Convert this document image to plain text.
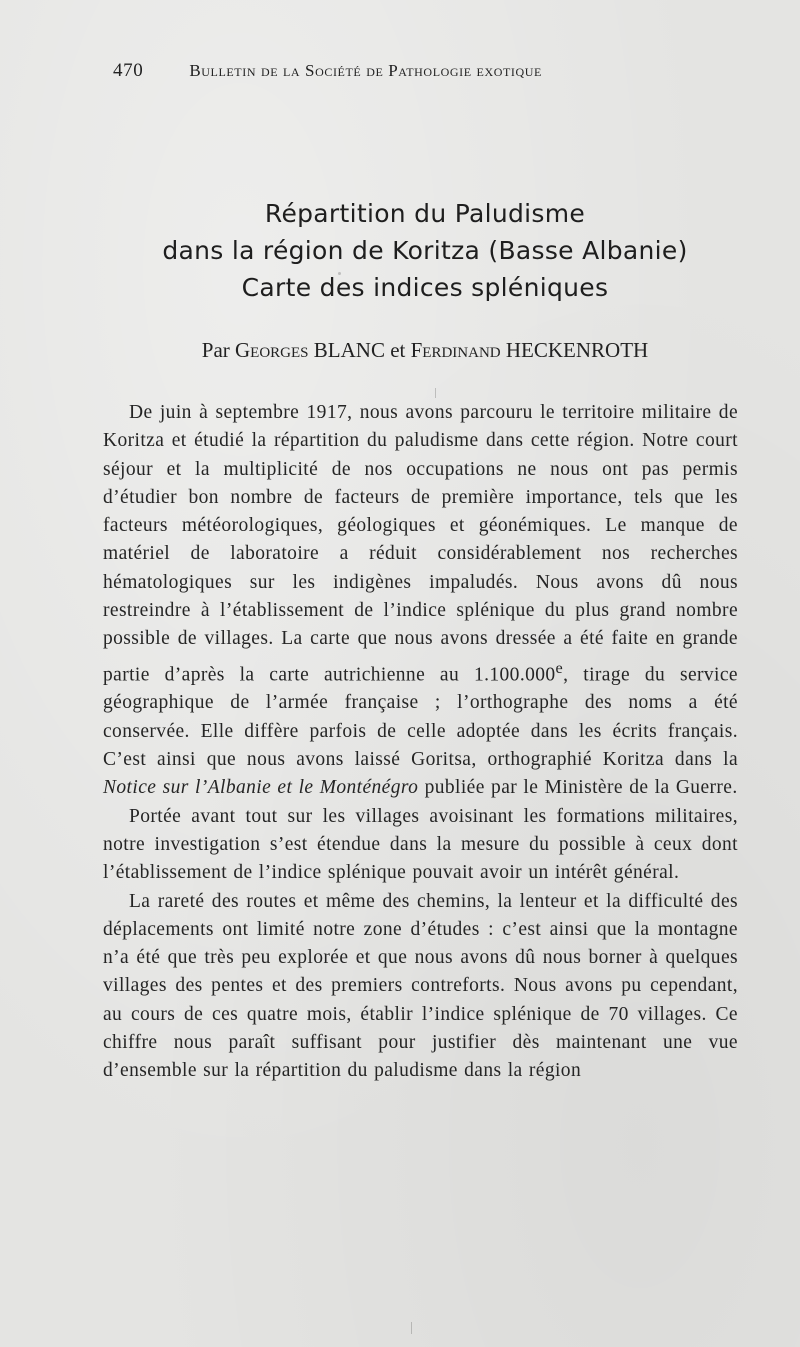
470	Bulletin de la Société de Pathologie exotique
Répartition du Paludisme
dans la région de Koritza (Basse Albanie)
Carte des indices spléniques
Par Georges BLANC et Ferdinand HECKENROTH

De juin à septembre 1917, nous avons parcouru le territoire militaire de Koritza et étudié la répartition du paludisme dans cette région. Notre court séjour et la multiplicité de nos occupations ne nous ont pas permis d’étudier bon nombre de facteurs de première importance, tels que les facteurs météorologiques, géologiques et géonémiques. Le manque de matériel de laboratoire a réduit considérablement nos recherches hématologiques sur les indigènes impaludés. Nous avons dû nous restreindre à l’établissement de l’indice splénique du plus grand nombre possible de villages. La carte que nous avons dressée a été faite en grande partie d’après la carte autrichienne au 1.100.000e, tirage du service géographique de l’armée française ; l’orthographe des noms a été conservée. Elle diffère parfois de celle adoptée dans les écrits français. C’est ainsi que nous avons laissé Goritsa, orthographié Koritza dans la Notice sur l’Albanie et le Monténégro publiée par le Ministère de la Guerre.

Portée avant tout sur les villages avoisinant les formations militaires, notre investigation s’est étendue dans la mesure du possible à ceux dont l’établissement de l’indice splénique pouvait avoir un intérêt général.

La rareté des routes et même des chemins, la lenteur et la difficulté des déplacements ont limité notre zone d’études : c’est ainsi que la montagne n’a été que très peu explorée et que nous avons dû nous borner à quelques villages des pentes et des premiers contreforts. Nous avons pu cependant, au cours de ces quatre mois, établir l’indice splénique de 70 villages. Ce chiffre nous paraît suffisant pour justifier dès maintenant une vue d’ensemble sur la répartition du paludisme dans la région
